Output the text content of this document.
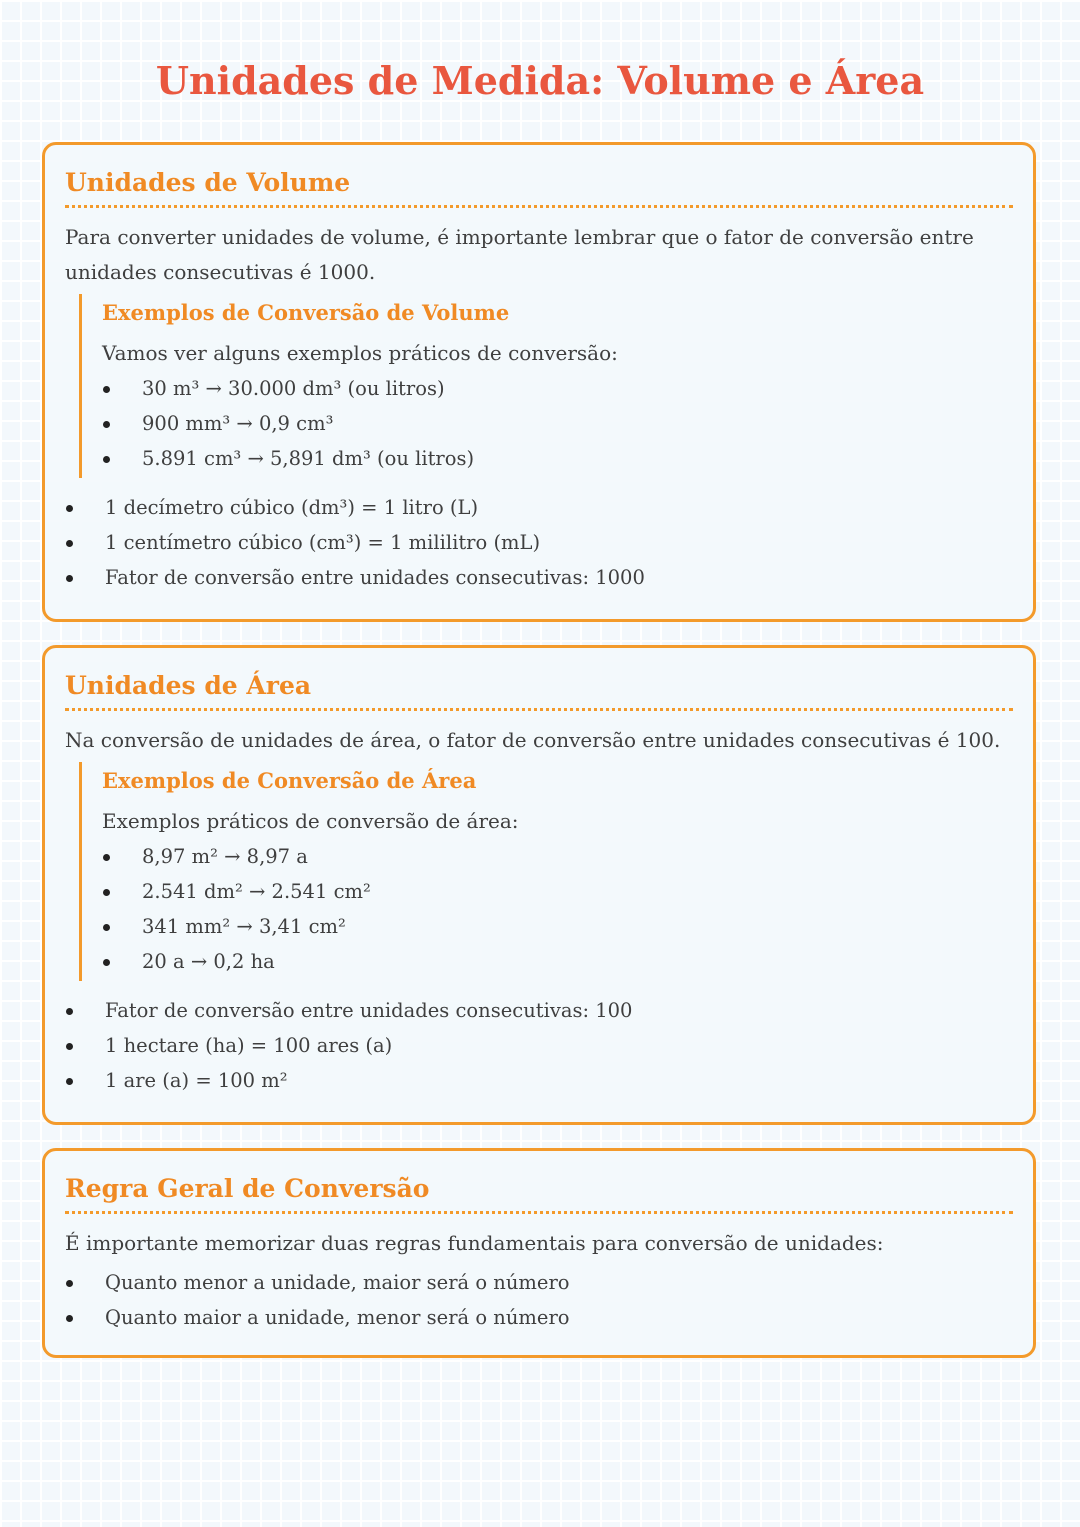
Unidades de Medida: Volume e Área
Unidades de Volume

Para converter unidades de volume, é importante lembrar que o fator de conversão entre unidades consecutivas é 1000.

Exemplos de Conversão de Volume

Vamos ver alguns exemplos práticos de conversão:

30 m³ → 30.000 dm³ (ou litros)
900 mm³ → 0,9 cm³
5.891 cm³ → 5,891 dm³ (ou litros)
1 decímetro cúbico (dm³) = 1 litro (L)
1 centímetro cúbico (cm³) = 1 mililitro (mL)
Fator de conversão entre unidades consecutivas: 1000
Unidades de Área

Na conversão de unidades de área, o fator de conversão entre unidades consecutivas é 100.

Exemplos de Conversão de Área

Exemplos práticos de conversão de área:

8,97 m² → 8,97 a
2.541 dm² → 2.541 cm²
341 mm² → 3,41 cm²
20 a → 0,2 ha
Fator de conversão entre unidades consecutivas: 100
1 hectare (ha) = 100 ares (a)
1 are (a) = 100 m²
Regra Geral de Conversão

É importante memorizar duas regras fundamentais para conversão de unidades:

Quanto menor a unidade, maior será o número
Quanto maior a unidade, menor será o número
